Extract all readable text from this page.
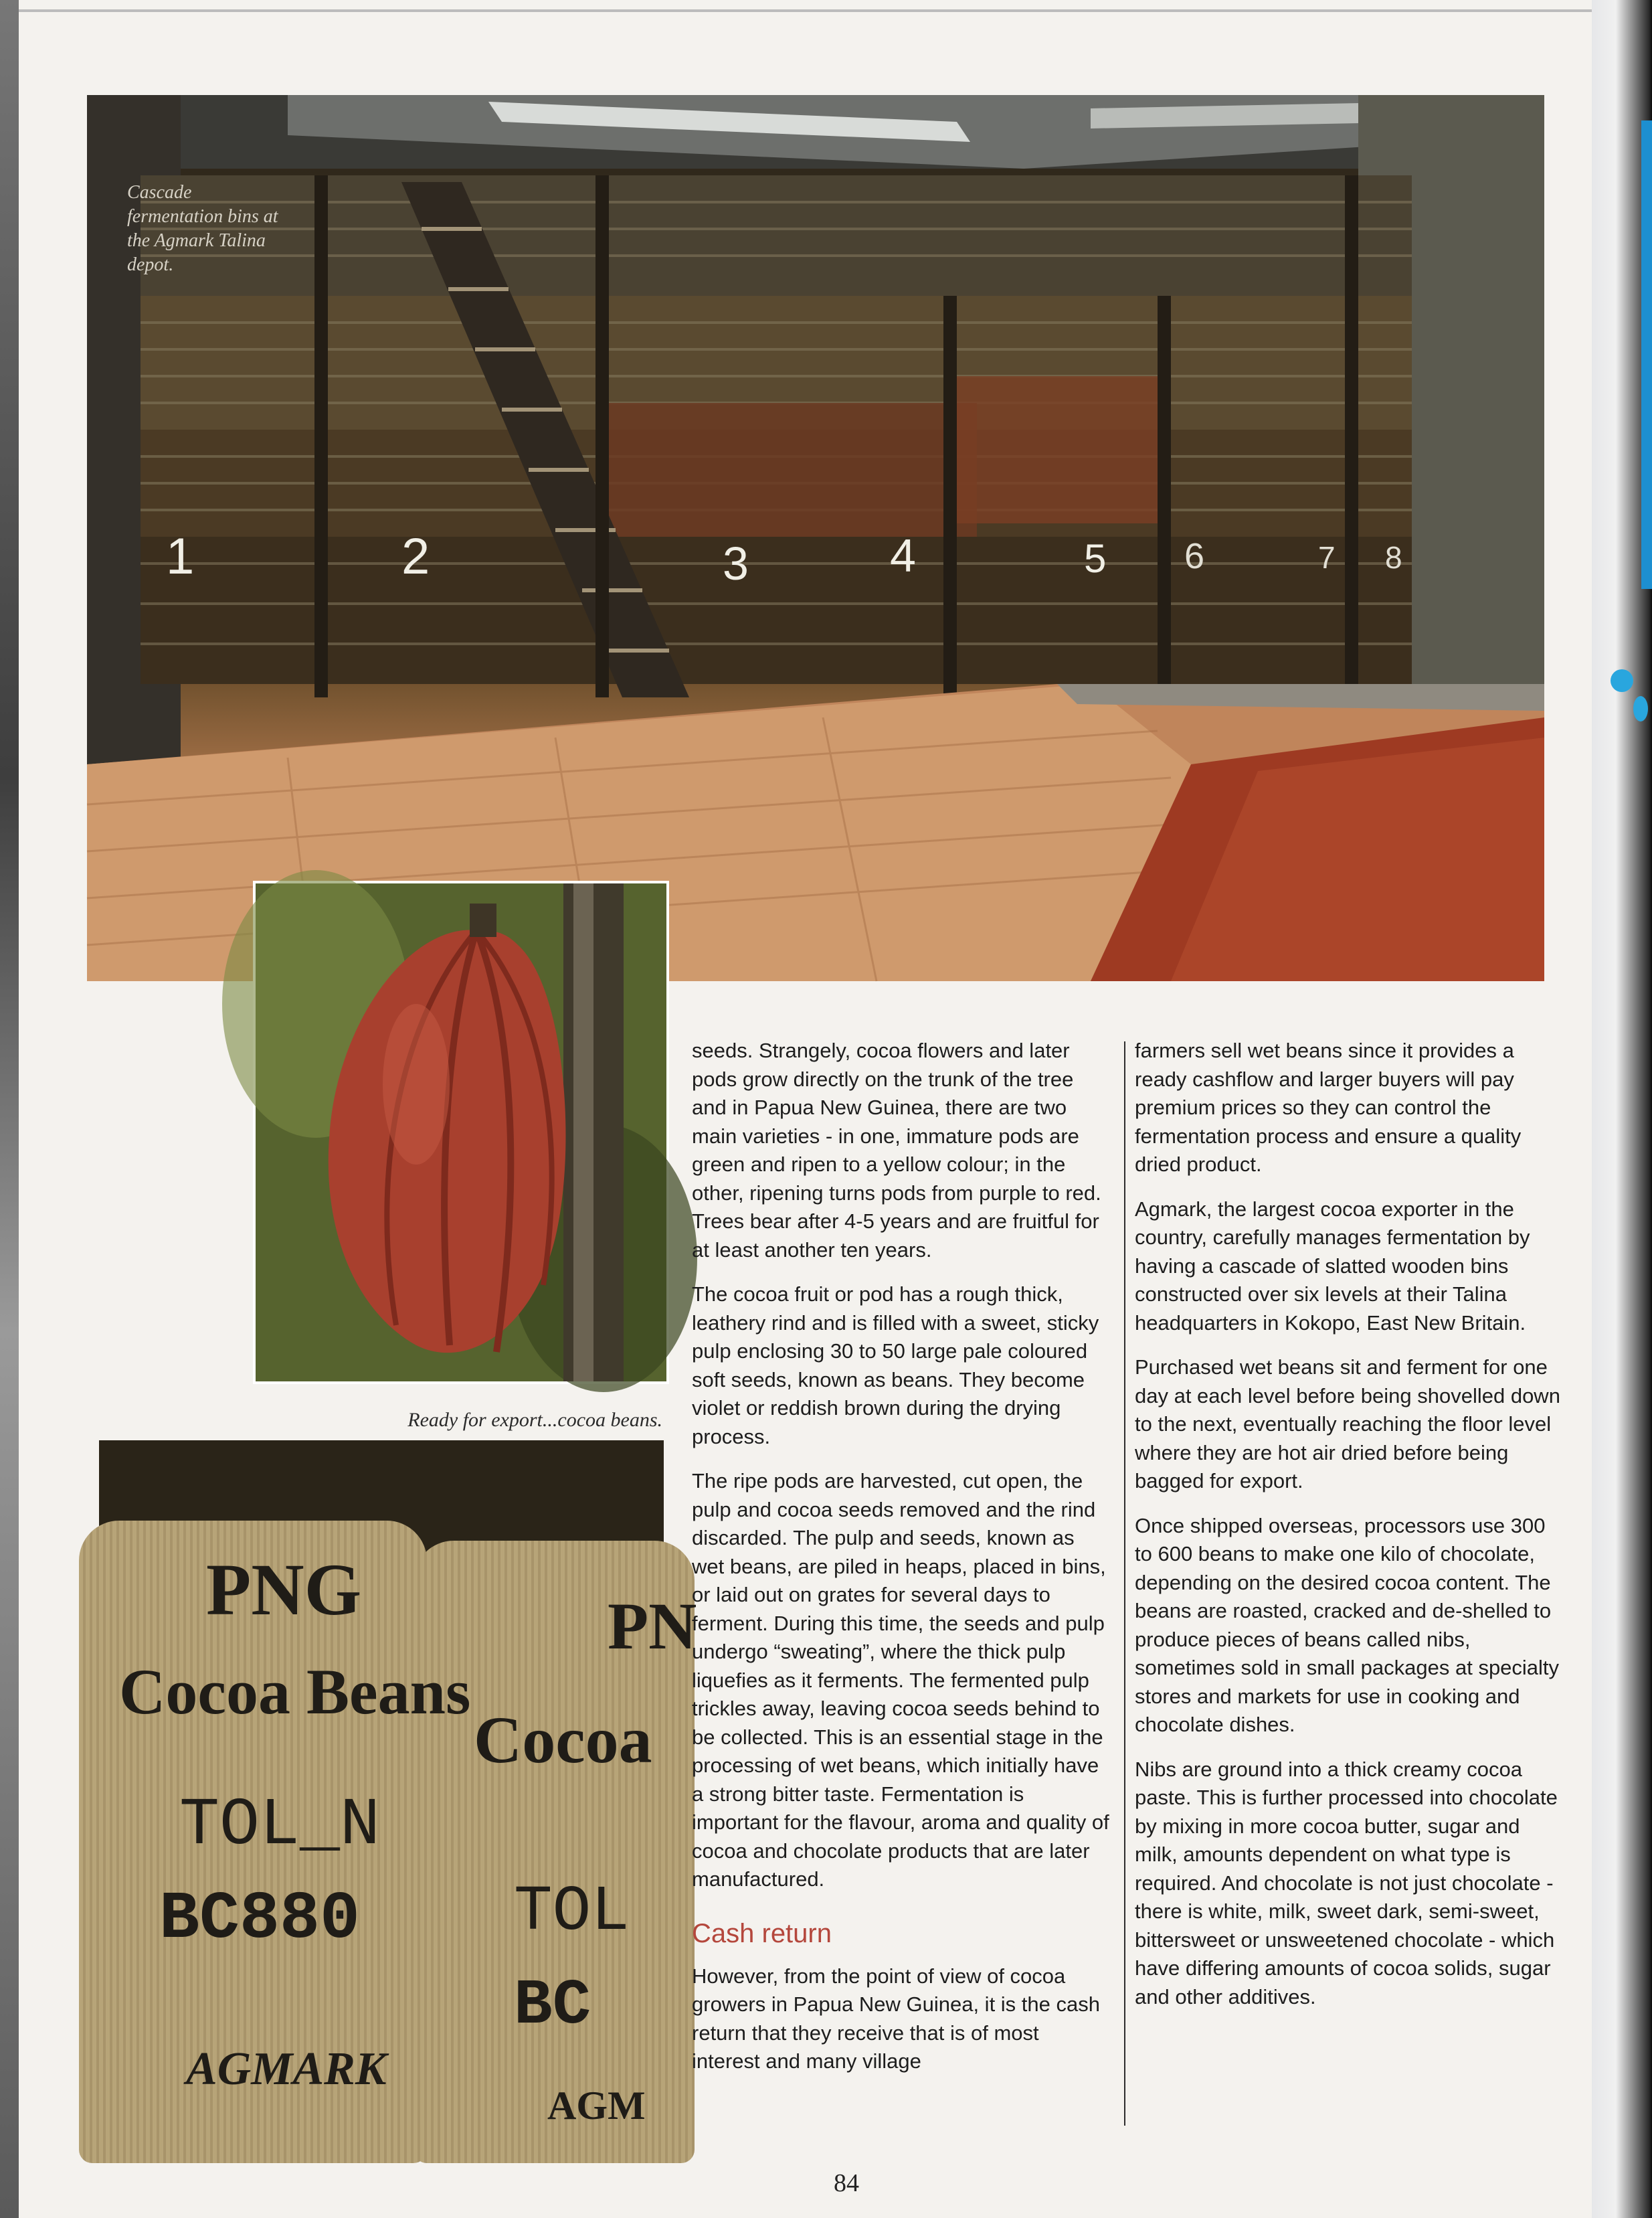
Cascade fermentation bins at the Agmark Talina depot.
1	2	3	4	5 6	7 8
Ready for export...cocoa beans.
PNG
Cocoa Beans
TOL_N
BC880
AGMARK
PN
Cocoa
TOL
BC
AGM

seeds. Strangely, cocoa flowers and later pods grow directly on the trunk of the tree and in Papua New Guinea, there are two main varieties - in one, immature pods are green and ripen to a yellow colour; in the other, ripening turns pods from purple to red. Trees bear after 4-5 years and are fruitful for at least another ten years.

The cocoa fruit or pod has a rough thick, leathery rind and is filled with a sweet, sticky pulp enclosing 30 to 50 large pale coloured soft seeds, known as beans. They become violet or reddish brown during the drying process.

The ripe pods are harvested, cut open, the pulp and cocoa seeds removed and the rind discarded. The pulp and seeds, known as wet beans, are piled in heaps, placed in bins, or laid out on grates for several days to ferment. During this time, the seeds and pulp undergo “sweating”, where the thick pulp liquefies as it ferments. The fermented pulp trickles away, leaving cocoa seeds behind to be collected. This is an essential stage in the processing of wet beans, which initially have a strong bitter taste. Fermentation is important for the flavour, aroma and quality of cocoa and chocolate products that are later manufactured.

Cash return

However, from the point of view of cocoa growers in Papua New Guinea, it is the cash return that they receive that is of most interest and many village

farmers sell wet beans since it provides a ready cashflow and larger buyers will pay premium prices so they can control the fermentation process and ensure a quality dried product.

Agmark, the largest cocoa exporter in the country, carefully manages fermentation by having a cascade of slatted wooden bins constructed over six levels at their Talina headquarters in Kokopo, East New Britain.

Purchased wet beans sit and ferment for one day at each level before being shovelled down to the next, eventually reaching the floor level where they are hot air dried before being bagged for export.

Once shipped overseas, processors use 300 to 600 beans to make one kilo of chocolate, depending on the desired cocoa content. The beans are roasted, cracked and de-shelled to produce pieces of beans called nibs, sometimes sold in small packages at specialty stores and markets for use in cooking and chocolate dishes.

Nibs are ground into a thick creamy cocoa paste. This is further processed into chocolate by mixing in more cocoa butter, sugar and milk, amounts dependent on what type is required. And chocolate is not just chocolate - there is white, milk, sweet dark, semi-sweet, bittersweet or unsweetened chocolate - which have differing amounts of cocoa solids, sugar and other additives.

84
